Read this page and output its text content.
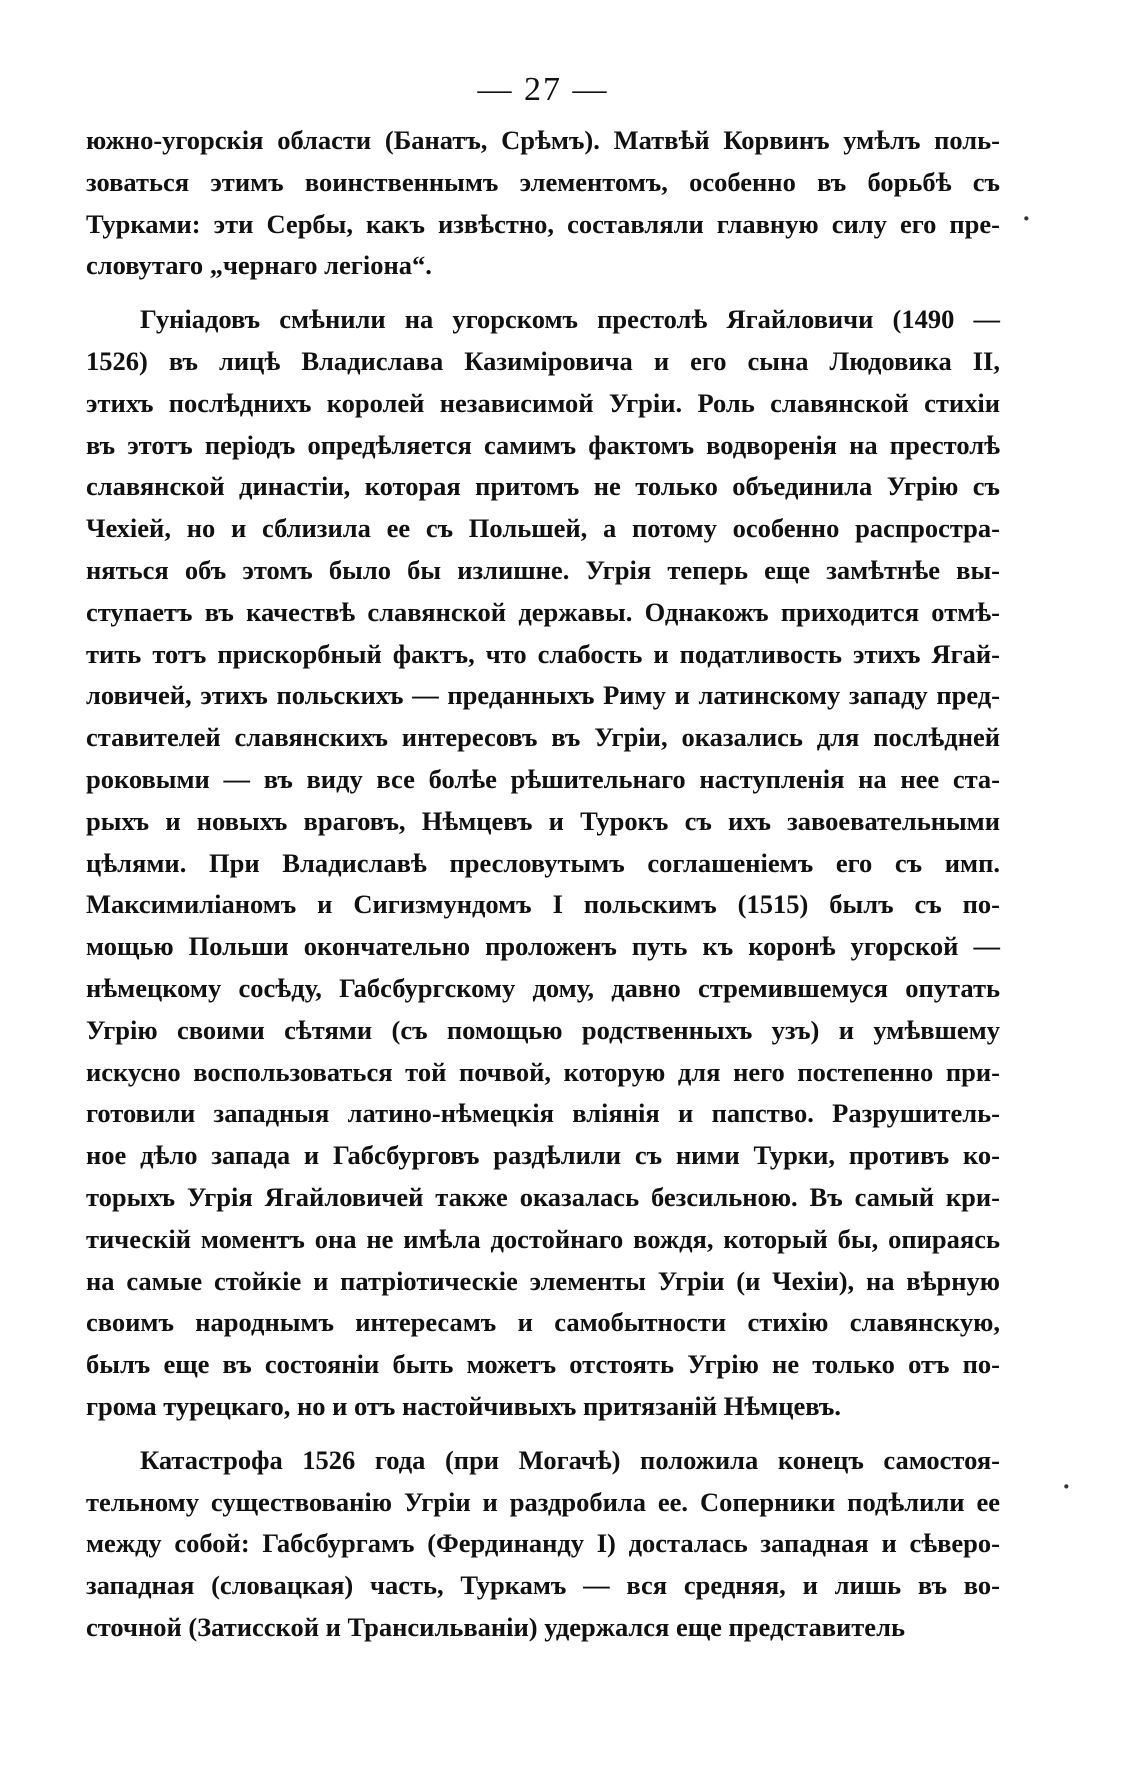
— 27 —
южно-угорскія области (Банатъ, Срѣмъ). Матвѣй Корвинъ умѣлъ поль-
зоваться этимъ воинственнымъ элементомъ, особенно въ борьбѣ съ
Турками: эти Сербы, какъ извѣстно, составляли главную силу его пре-
словутаго „чернаго легіона“.
Гуніадовъ смѣнили на угорскомъ престолѣ Ягайловичи (1490 —
1526) въ лицѣ Владислава Казиміровича и его сына Людовика II,
этихъ послѣднихъ королей независимой Угріи. Роль славянской стихіи
въ этотъ періодъ опредѣляется самимъ фактомъ водворенія на престолѣ
славянской династіи, которая притомъ не только объединила Угрію съ
Чехіей, но и сблизила ее съ Польшей, а потому особенно распростра-
няться объ этомъ было бы излишне. Угрія теперь еще замѣтнѣе вы-
ступаетъ въ качествѣ славянской державы. Однакожъ приходится отмѣ-
тить тотъ прискорбный фактъ, что слабость и податливость этихъ Ягай-
ловичей, этихъ польскихъ — преданныхъ Риму и латинскому западу пред-
ставителей славянскихъ интересовъ въ Угріи, оказались для послѣдней
роковыми — въ виду все болѣе рѣшительнаго наступленія на нее ста-
рыхъ и новыхъ враговъ, Нѣмцевъ и Турокъ съ ихъ завоевательными
цѣлями. При Владиславѣ пресловутымъ соглашеніемъ его съ имп.
Максимиліаномъ и Сигизмундомъ I польскимъ (1515) былъ съ по-
мощью Польши окончательно проложенъ путь къ коронѣ угорской —
нѣмецкому сосѣду, Габсбургскому дому, давно стремившемуся опутать
Угрію своими сѣтями (съ помощью родственныхъ узъ) и умѣвшему
искусно воспользоваться той почвой, которую для него постепенно при-
готовили западныя латино-нѣмецкія вліянія и папство. Разрушитель-
ное дѣло запада и Габсбурговъ раздѣлили съ ними Турки, противъ ко-
торыхъ Угрія Ягайловичей также оказалась безсильною. Въ самый кри-
тическій моментъ она не имѣла достойнаго вождя, который бы, опираясь
на самые стойкіе и патріотическіе элементы Угріи (и Чехіи), на вѣрную
своимъ народнымъ интересамъ и самобытности стихію славянскую,
былъ еще въ состояніи быть можетъ отстоять Угрію не только отъ по-
грома турецкаго, но и отъ настойчивыхъ притязаній Нѣмцевъ.
Катастрофа 1526 года (при Могачѣ) положила конецъ самостоя-
тельному существованію Угріи и раздробила ее. Соперники подѣлили ее
между собой: Габсбургамъ (Фердинанду I) досталась западная и сѣверо-
западная (словацкая) часть, Туркамъ — вся средняя, и лишь въ во-
сточной (Затисской и Трансильваніи) удержался еще представитель
·
·
